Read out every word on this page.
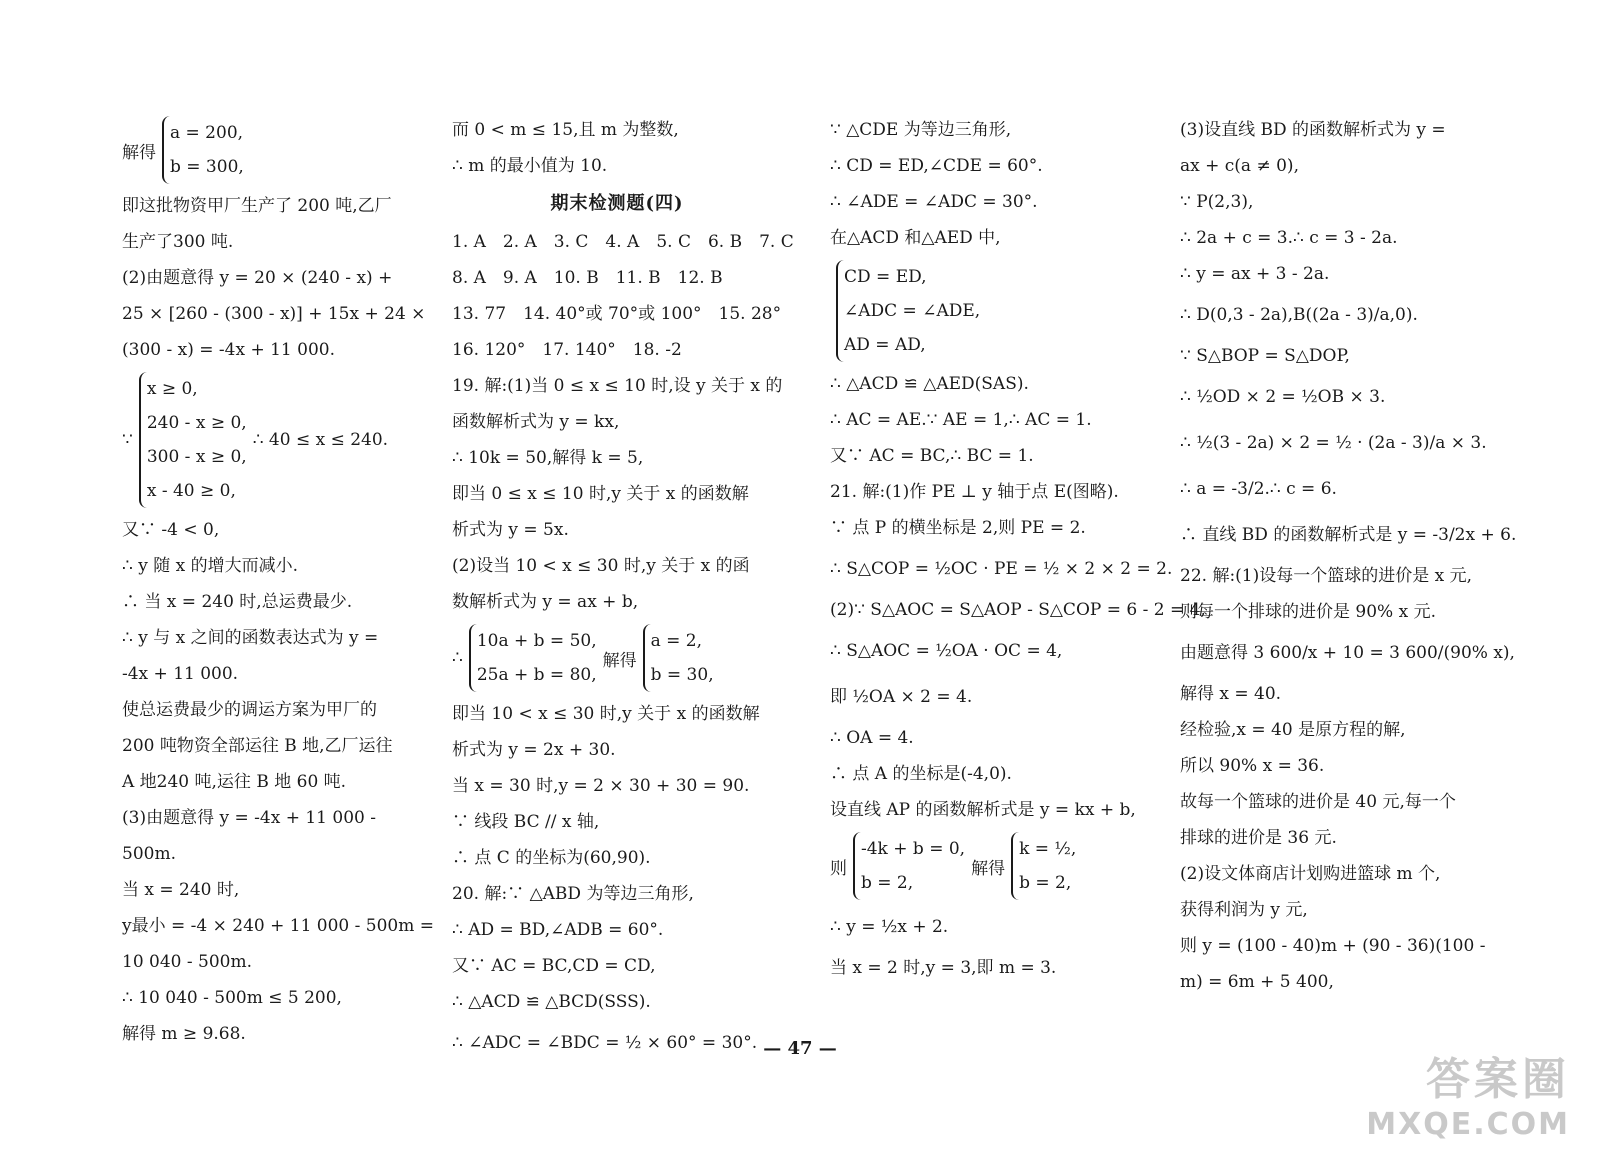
解得
a = 200,
b = 300,
即这批物资甲厂生产了 200 吨,乙厂
生产了300 吨.
(2)由题意得 y = 20 × (240 - x) +
25 × [260 - (300 - x)] + 15x + 24 ×
(300 - x) = -4x + 11 000.
∵
x ≥ 0,
240 - x ≥ 0,
300 - x ≥ 0,
x - 40 ≥ 0,
∴ 40 ≤ x ≤ 240.
又∵ -4 < 0,
∴ y 随 x 的增大而减小.
∴ 当 x = 240 时,总运费最少.
∴ y 与 x 之间的函数表达式为 y =
-4x + 11 000.
使总运费最少的调运方案为甲厂的
200 吨物资全部运往 B 地,乙厂运往
A 地240 吨,运往 B 地 60 吨.
(3)由题意得 y = -4x + 11 000 -
500m.
当 x = 240 时,
y最小 = -4 × 240 + 11 000 - 500m =
10 040 - 500m.
∴ 10 040 - 500m ≤ 5 200,
解得 m ≥ 9.68.
而 0 < m ≤ 15,且 m 为整数,
∴ m 的最小值为 10.
期末检测题(四)
1. A　2. A　3. C　4. A　5. C　6. B　7. C
8. A　9. A　10. B　11. B　12. B
13. 77　14. 40°或 70°或 100°　15. 28°
16. 120°　17. 140°　18. -2
19. 解:(1)当 0 ≤ x ≤ 10 时,设 y 关于 x 的
函数解析式为 y = kx,
∴ 10k = 50,解得 k = 5,
即当 0 ≤ x ≤ 10 时,y 关于 x 的函数解
析式为 y = 5x.
(2)设当 10 < x ≤ 30 时,y 关于 x 的函
数解析式为 y = ax + b,
∴
10a + b = 50,
25a + b = 80,
解得
a = 2,
b = 30,
即当 10 < x ≤ 30 时,y 关于 x 的函数解
析式为 y = 2x + 30.
当 x = 30 时,y = 2 × 30 + 30 = 90.
∵ 线段 BC // x 轴,
∴ 点 C 的坐标为(60,90).
20. 解:∵ △ABD 为等边三角形,
∴ AD = BD,∠ADB = 60°.
又∵ AC = BC,CD = CD,
∴ △ACD ≌ △BCD(SSS).
∴ ∠ADC = ∠BDC = ½ × 60° = 30°.
∵ △CDE 为等边三角形,
∴ CD = ED,∠CDE = 60°.
∴ ∠ADE = ∠ADC = 30°.
在△ACD 和△AED 中,
CD = ED,
∠ADC = ∠ADE,
AD = AD,
∴ △ACD ≌ △AED(SAS).
∴ AC = AE.∵ AE = 1,∴ AC = 1.
又∵ AC = BC,∴ BC = 1.
21. 解:(1)作 PE ⊥ y 轴于点 E(图略).
∵ 点 P 的横坐标是 2,则 PE = 2.
∴ S△COP = ½OC · PE = ½ × 2 × 2 = 2.
(2)∵ S△AOC = S△AOP - S△COP = 6 - 2 = 4,
∴ S△AOC = ½OA · OC = 4,
即 ½OA × 2 = 4.
∴ OA = 4.
∴ 点 A 的坐标是(-4,0).
设直线 AP 的函数解析式是 y = kx + b,
则
-4k + b = 0,
b = 2,
解得
k = ½,
b = 2,
∴ y = ½x + 2.
当 x = 2 时,y = 3,即 m = 3.
(3)设直线 BD 的函数解析式为 y =
ax + c(a ≠ 0),
∵ P(2,3),
∴ 2a + c = 3.∴ c = 3 - 2a.
∴ y = ax + 3 - 2a.
∴ D(0,3 - 2a),B((2a - 3)/a,0).
∵ S△BOP = S△DOP,
∴ ½OD × 2 = ½OB × 3.
∴ ½(3 - 2a) × 2 = ½ · (2a - 3)/a × 3.
∴ a = -3/2.∴ c = 6.
∴ 直线 BD 的函数解析式是 y = -3/2x + 6.
22. 解:(1)设每一个篮球的进价是 x 元,
则每一个排球的进价是 90% x 元.
由题意得 3 600/x + 10 = 3 600/(90% x),
解得 x = 40.
经检验,x = 40 是原方程的解,
所以 90% x = 36.
故每一个篮球的进价是 40 元,每一个
排球的进价是 36 元.
(2)设文体商店计划购进篮球 m 个,
获得利润为 y 元,
则 y = (100 - 40)m + (90 - 36)(100 -
m) = 6m + 5 400,
— 47 —
答案圈
MXQE.COM
